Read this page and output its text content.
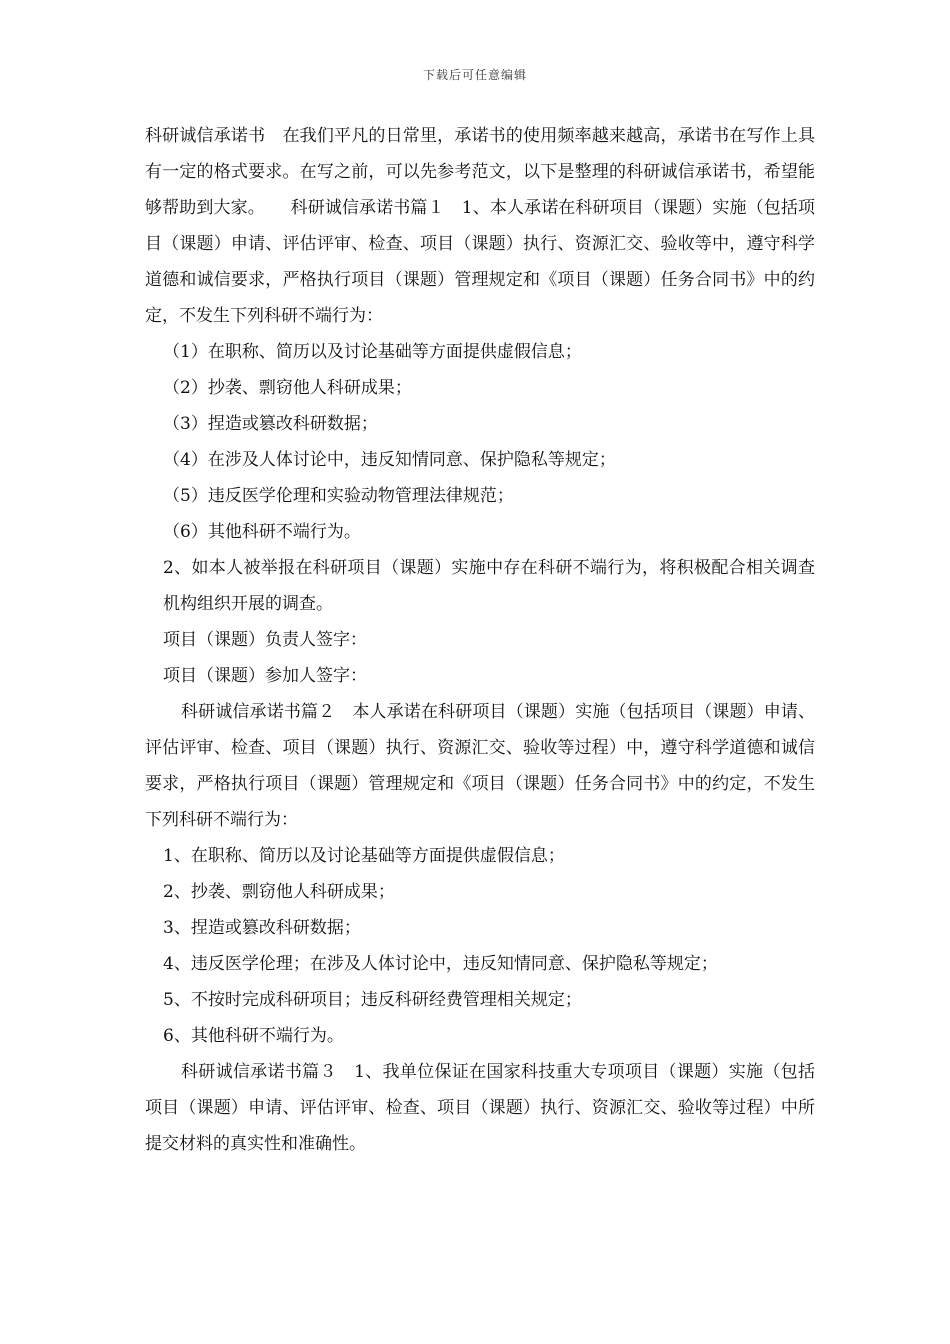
下载后可任意编辑

科研诚信承诺书　在我们平凡的日常里，承诺书的使用频率越来越高，承诺书在写作上具有一定的格式要求。在写之前，可以先参考范文，以下是整理的科研诚信承诺书，希望能够帮助到大家。　　科研诚信承诺书篇１　1、本人承诺在科研项目（课题）实施（包括项目（课题）申请、评估评审、检查、项目（课题）执行、资源汇交、验收等中，遵守科学道德和诚信要求，严格执行项目（课题）管理规定和《项目（课题）任务合同书》中的约定，不发生下列科研不端行为：

（1）在职称、简历以及讨论基础等方面提供虚假信息；

（2）抄袭、剽窃他人科研成果；

（3）捏造或篡改科研数据；

（4）在涉及人体讨论中，违反知情同意、保护隐私等规定；

（5）违反医学伦理和实验动物管理法律规范；

（6）其他科研不端行为。

2、如本人被举报在科研项目（课题）实施中存在科研不端行为，将积极配合相关调查机构组织开展的调查。

项目（课题）负责人签字：

项目（课题）参加人签字：

科研诚信承诺书篇２　本人承诺在科研项目（课题）实施（包括项目（课题）申请、评估评审、检查、项目（课题）执行、资源汇交、验收等过程）中，遵守科学道德和诚信要求，严格执行项目（课题）管理规定和《项目（课题）任务合同书》中的约定，不发生下列科研不端行为：

1、在职称、简历以及讨论基础等方面提供虚假信息；

2、抄袭、剽窃他人科研成果；

3、捏造或篡改科研数据；

4、违反医学伦理；在涉及人体讨论中，违反知情同意、保护隐私等规定；

5、不按时完成科研项目；违反科研经费管理相关规定；

6、其他科研不端行为。

科研诚信承诺书篇３　1、我单位保证在国家科技重大专项项目（课题）实施（包括项目（课题）申请、评估评审、检查、项目（课题）执行、资源汇交、验收等过程）中所提交材料的真实性和准确性。
